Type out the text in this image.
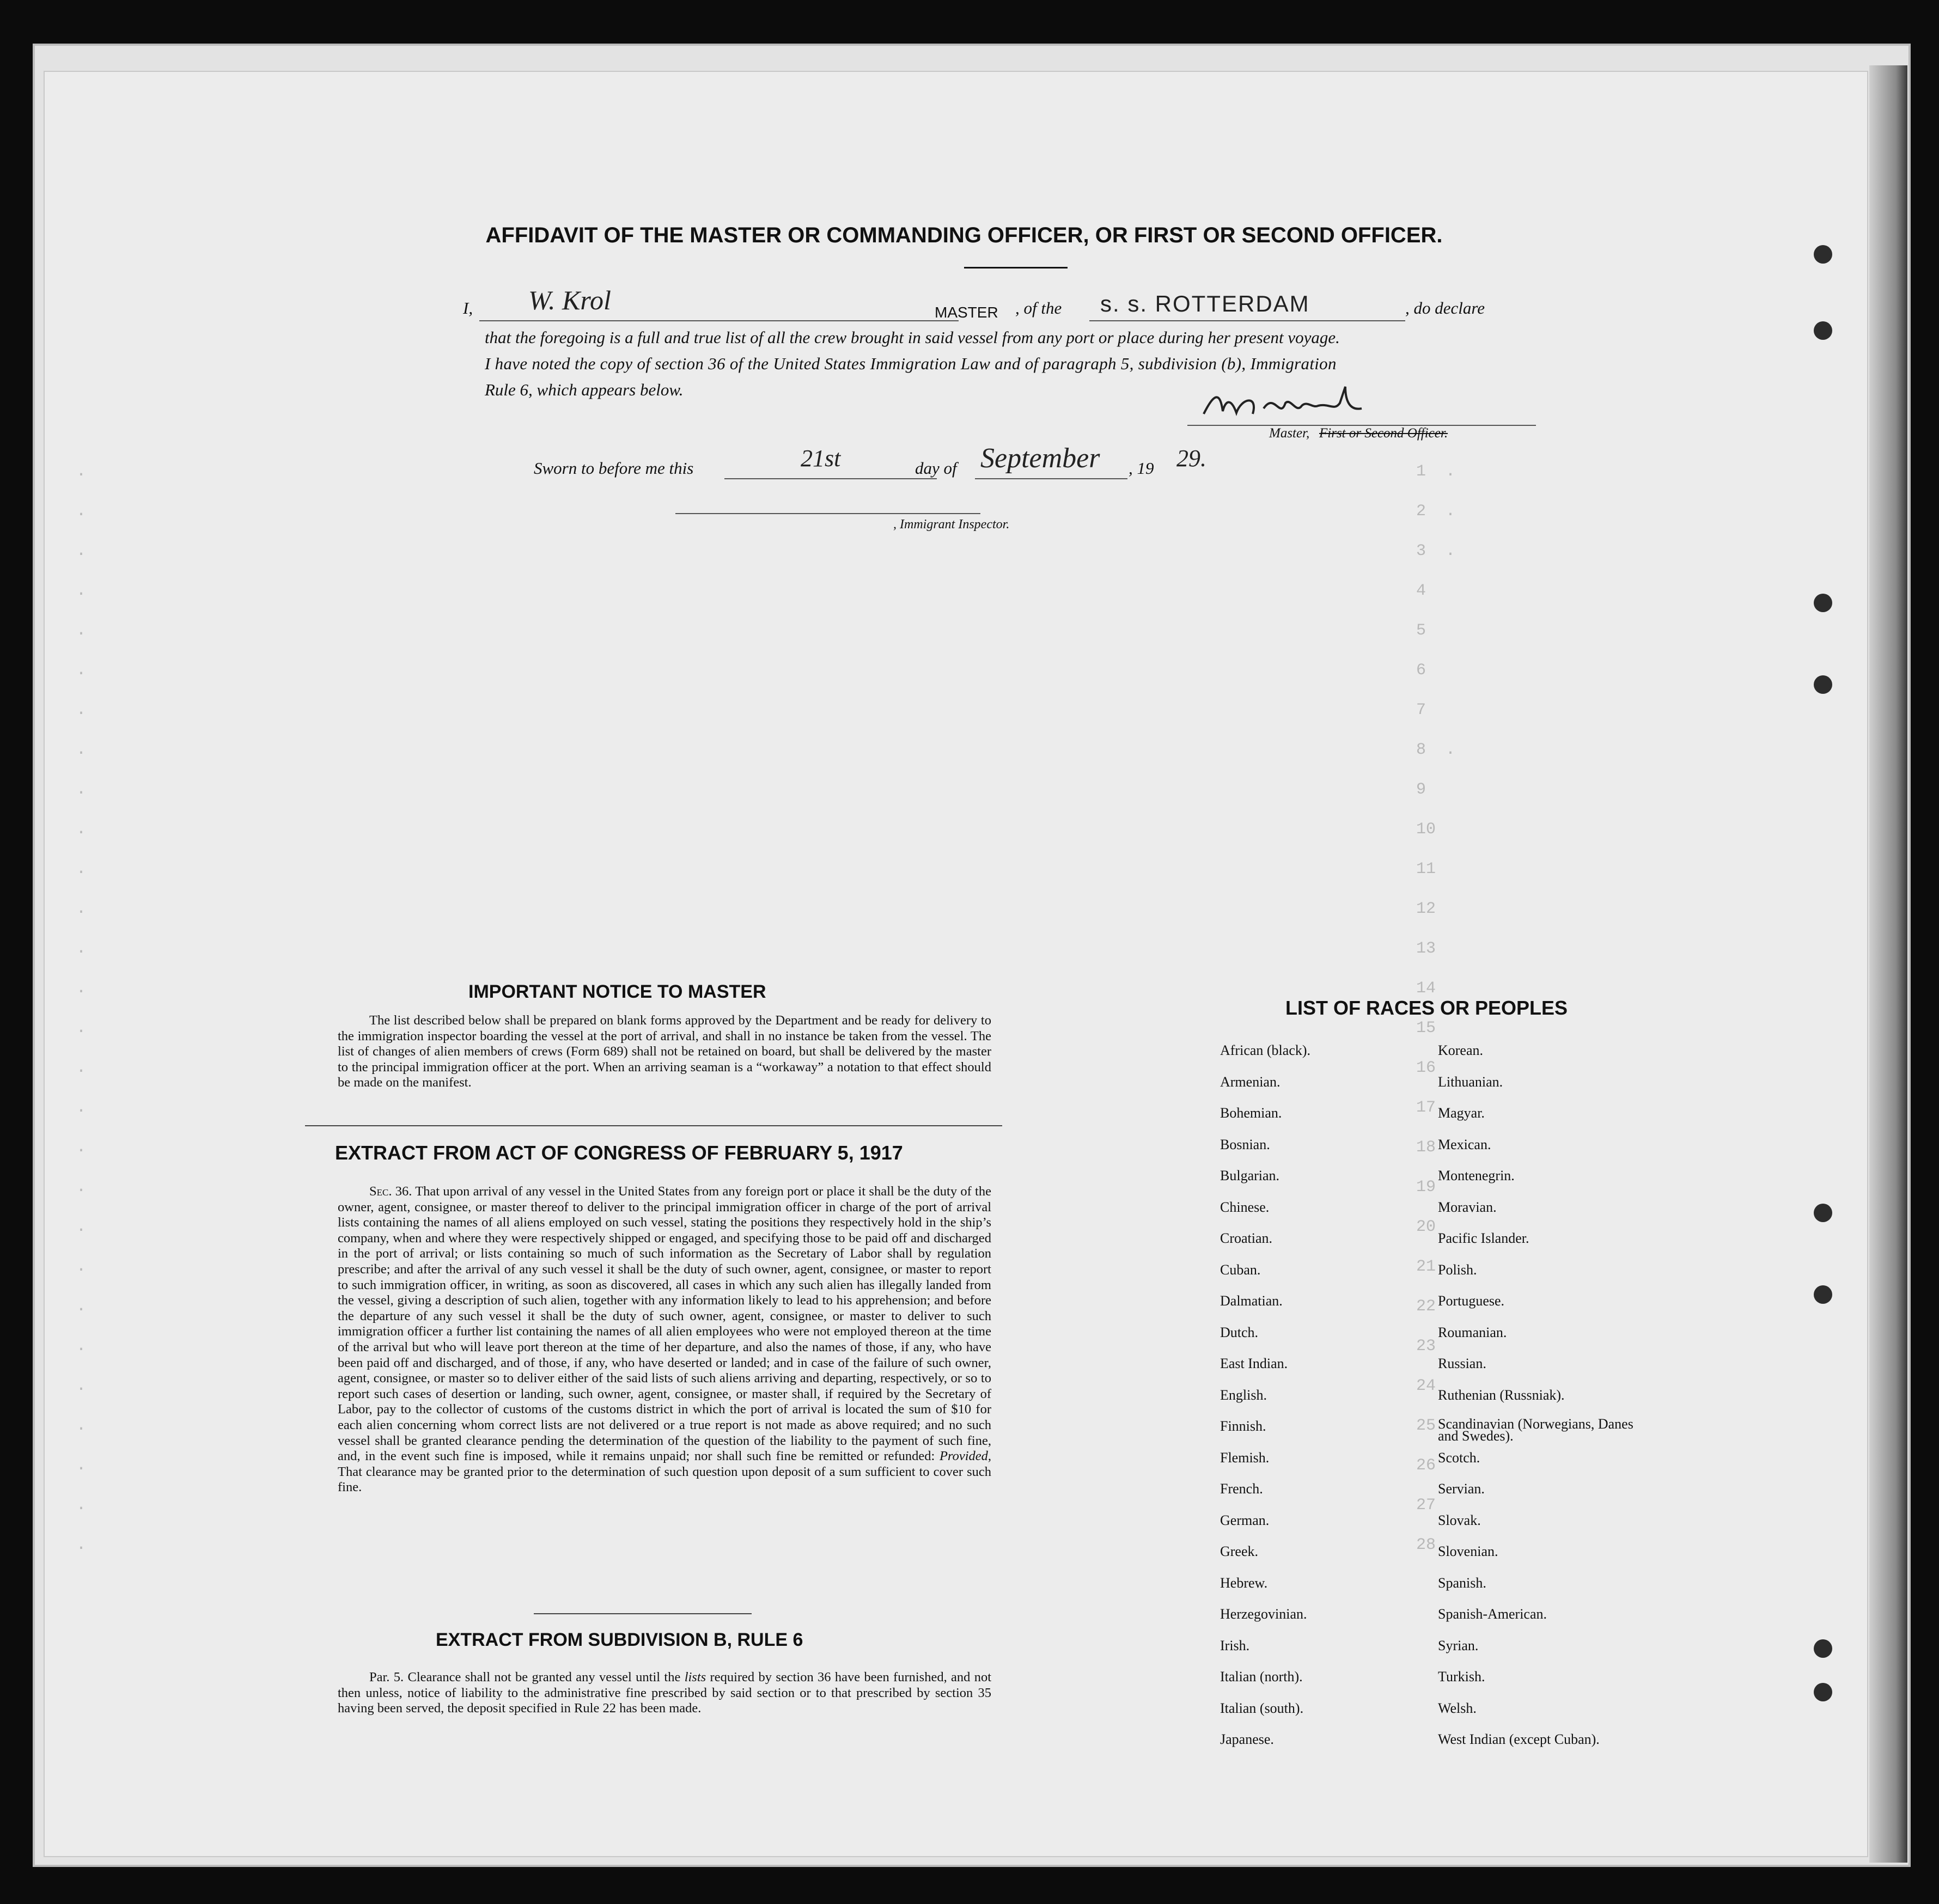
1  .
2  .
3  .
4
5
6
7
8  .
9
10
11
12
13
14
15
16
17
18
19
20
21
22
23
24
25
26
27
28
.
.
.
.
.
.
.
.
.
.
.
.
.
.
.
.
.
.
.
.
.
.
.
.
.
.
.
.
AFFIDAVIT OF THE MASTER OR COMMANDING OFFICER, OR FIRST OR SECOND OFFICER.
I, W. Krol	MASTER , of the s. s. ROTTERDAM	, do declare
that the foregoing is a full and true list of all the crew brought in said vessel from any port or place during her present voyage.
I have noted the copy of section 36 of the United States Immigration Law and of paragraph 5, subdivision (b), Immigration
Rule 6, which appears below.
Master, First or Second Officer.
Sworn to before me this	21st	day of September , 19 29.
, Immigrant Inspector.
IMPORTANT NOTICE TO MASTER

The list described below shall be prepared on blank forms approved by the Department and be ready for delivery to the immigration inspector boarding the vessel at the port of arrival, and shall in no instance be taken from the vessel. The list of changes of alien members of crews (Form 689) shall not be retained on board, but shall be delivered by the master to the principal immigration officer at the port. When an arriving seaman is a “workaway” a notation to that effect should be made on the manifest.

EXTRACT FROM ACT OF CONGRESS OF FEBRUARY 5, 1917

Sec. 36. That upon arrival of any vessel in the United States from any foreign port or place it shall be the duty of the owner, agent, consignee, or master thereof to deliver to the principal immigration officer in charge of the port of arrival lists containing the names of all aliens employed on such vessel, stating the positions they respectively hold in the ship’s company, when and where they were respectively shipped or engaged, and specifying those to be paid off and discharged in the port of arrival; or lists containing so much of such information as the Secretary of Labor shall by regulation prescribe; and after the arrival of any such vessel it shall be the duty of such owner, agent, consignee, or master to report to such immigration officer, in writing, as soon as discovered, all cases in which any such alien has illegally landed from the vessel, giving a description of such alien, together with any information likely to lead to his apprehension; and before the departure of any such vessel it shall be the duty of such owner, agent, consignee, or master to deliver to such immigration officer a further list containing the names of all alien employees who were not employed thereon at the time of the arrival but who will leave port thereon at the time of her departure, and also the names of those, if any, who have been paid off and discharged, and of those, if any, who have deserted or landed; and in case of the failure of such owner, agent, consignee, or master so to deliver either of the said lists of such aliens arriving and departing, respectively, or so to report such cases of desertion or landing, such owner, agent, consignee, or master shall, if required by the Secretary of Labor, pay to the collector of customs of the customs district in which the port of arrival is located the sum of $10 for each alien concerning whom correct lists are not delivered or a true report is not made as above required; and no such vessel shall be granted clearance pending the determination of the question of the liability to the payment of such fine, and, in the event such fine is imposed, while it remains unpaid; nor shall such fine be remitted or refunded: Provided, That clearance may be granted prior to the determination of such question upon deposit of a sum sufficient to cover such fine.

EXTRACT FROM SUBDIVISION B, RULE 6

Par. 5. Clearance shall not be granted any vessel until the lists required by section 36 have been furnished, and not then unless, notice of liability to the administrative fine prescribed by said section or to that prescribed by section 35 having been served, the deposit specified in Rule 22 has been made.

LIST OF RACES OR PEOPLES
African (black).
Armenian.
Bohemian.
Bosnian.
Bulgarian.
Chinese.
Croatian.
Cuban.
Dalmatian.
Dutch.
East Indian.
English.
Finnish.
Flemish.
French.
German.
Greek.
Hebrew.
Herzegovinian.
Irish.
Italian (north).
Italian (south).
Japanese.
Korean.
Lithuanian.
Magyar.
Mexican.
Montenegrin.
Moravian.
Pacific Islander.
Polish.
Portuguese.
Roumanian.
Russian.
Ruthenian (Russniak).
Scandinavian (Norwegians, Danes and Swedes).
Scotch.
Servian.
Slovak.
Slovenian.
Spanish.
Spanish-American.
Syrian.
Turkish.
Welsh.
West Indian (except Cuban).
